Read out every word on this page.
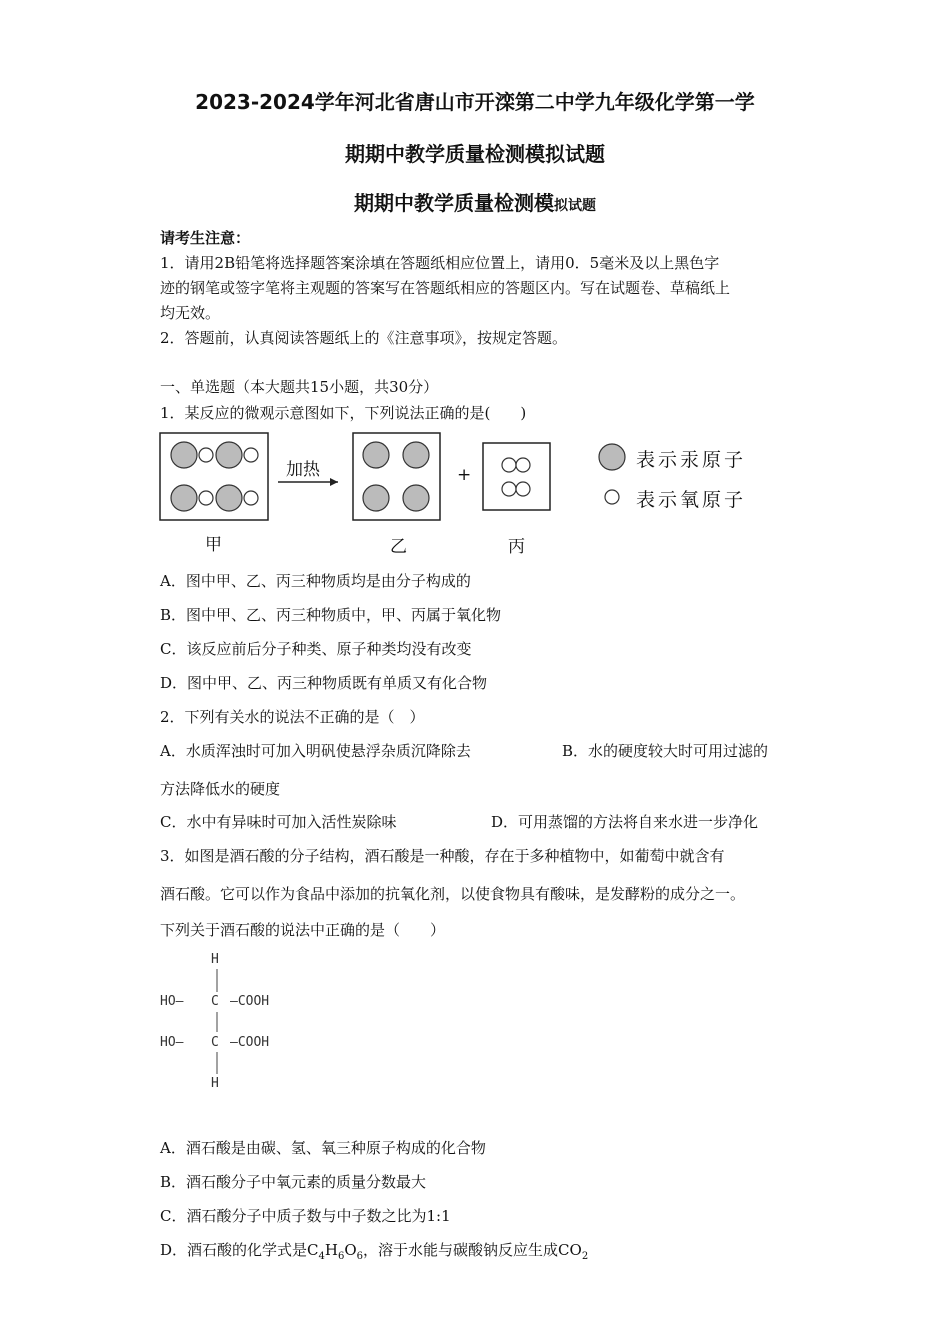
2023-2024学年河北省唐山市开滦第二中学九年级化学第一学
期期中教学质量检测模拟试题
期期中教学质量检测模拟试题
请考生注意：
1．请用2B铅笔将选择题答案涂填在答题纸相应位置上，请用0．5毫米及以上黑色字
迹的钢笔或签字笔将主观题的答案写在答题纸相应的答题区内。写在试题卷、草稿纸上
均无效。
2．答题前，认真阅读答题纸上的《注意事项》，按规定答题。
一、单选题（本大题共15小题，共30分）
1．某反应的微观示意图如下，下列说法正确的是(　　)
加热	+
甲	乙	丙
表示汞原子
表示氧原子
A．图中甲、乙、丙三种物质均是由分子构成的
B．图中甲、乙、丙三种物质中，甲、丙属于氧化物
C．该反应前后分子种类、原子种类均没有改变
D．图中甲、乙、丙三种物质既有单质又有化合物
2．下列有关水的说法不正确的是（　）
A．水质浑浊时可加入明矾使悬浮杂质沉降除去	B．水的硬度较大时可用过滤的
方法降低水的硬度
C．水中有异味时可加入活性炭除味	D．可用蒸馏的方法将自来水进一步净化
3．如图是酒石酸的分子结构，酒石酸是一种酸，存在于多种植物中，如葡萄中就含有
酒石酸。它可以作为食品中添加的抗氧化剂，以使食物具有酸味，是发酵粉的成分之一。
下列关于酒石酸的说法中正确的是（　　）
H
HO— C —COOH
HO— C —COOH
H
A．酒石酸是由碳、氢、氧三种原子构成的化合物
B．酒石酸分子中氧元素的质量分数最大
C．酒石酸分子中质子数与中子数之比为1:1
D．酒石酸的化学式是$C_4H_6O_6$，溶于水能与碳酸钠反应生成$CO_2$
